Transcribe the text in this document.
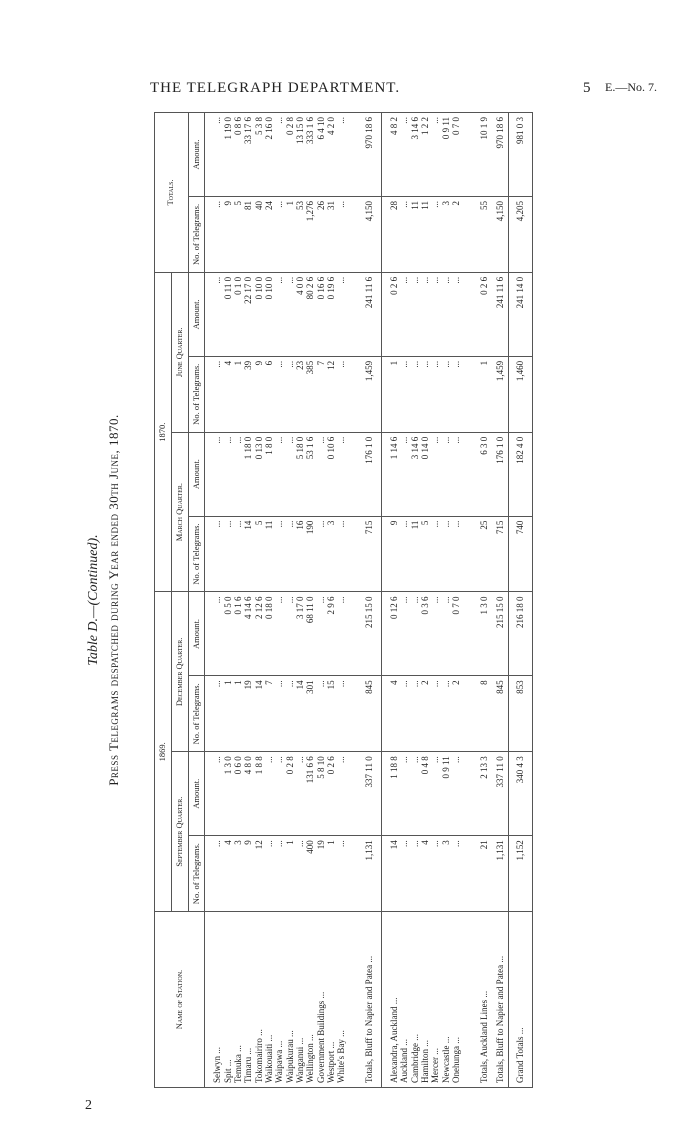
THE TELEGRAPH DEPARTMENT.	5 E.—No. 7.
Table D.—(Continued). Press Telegrams despatched during Year ended 30th June, 1870.
Name of Station.	1869.				1870.				Totals.	
	September Quarter.		December Quarter.		March Quarter.		June Quarter.			
	No. of Telegrams.	Amount.	No. of Telegrams.	Amount.	No. of Telegrams.	Amount.	No. of Telegrams.	Amount.	No. of Telegrams.	Amount.

Selwyn ...	...	...	...	...	...	...	...	...	...	...
Spit ...	4	1 3 0	1	0 5 0	...	...	4	0 11 0	9	1 19 0
Temuka ...	3	0 6 0	1	0 1 6	...	...	1	0 1 0	5	0 8 6
Timaru ...	9	4 8 0	19	4 14 6	14	1 18 0	39	22 17 0	81	33 17 6
Tokomairiro ...	12	1 8 8	14	2 12 6	5	0 13 0	9	0 10 0	40	5 3 8
Waikouaiti ...	...	...	7	0 18 0	11	1 8 0	6	0 10 0	24	2 16 0
Waipawa ...	...	...	...	...	...	...	...	...	...	...
Waipukurau ...	1	0 2 8	...	...	...	...	...	...	1	0 2 8
Wanganui ...	...	...	14	3 17 0	16	5 18 0	23	4 0 0	53	13 15 0
Wellington ...	400	131 6 6	301	68 11 0	190	53 1 6	385	80 2 6	1,276	333 1 6
Government Buildings ...	19	5 8 10	...	...	...	...	7	0 16 6	26	6 4 10
Westport ...	1	0 2 6	15	2 9 6	3	0 10 6	12	0 19 6	31	4 2 0
White's Bay ...	...	...	...	...	...	...	...	...	...	...

Totals, Bluff to Napier and Patea ...	1,131	337 11 0	845	215 15 0	715	176 1 0	1,459	241 11 6	4,150	970 18 6

Alexandra, Auckland ...	14	1 18 8	4	0 12 6	9	1 14 6	1	0 2 6	28	4 8 2
Auckland ...	...	...	...	...	...	...	...	...	...	...
Cambridge ...	...	...	...	...	11	3 14 6	...	...	11	3 14 6
Hamilton ...	4	0 4 8	2	0 3 6	5	0 14 0	...	...	11	1 2 2
Mercer ...	...	...	...	...	...	...	...	...	...	...
Newcastle ...	3	0 9 11	...	...	...	...	...	...	3	0 9 11
Onehunga ...	...	...	2	0 7 0	...	...	...	...	2	0 7 0

Totals, Auckland Lines ...	21	2 13 3	8	1 3 0	25	6 3 0	1	0 2 6	55	10 1 9
Totals, Bluff to Napier and Patea ...	1,131	337 11 0	845	215 15 0	715	176 1 0	1,459	241 11 6	4,150	970 18 6
Grand Totals ...	1,152	340 4 3	853	216 18 0	740	182 4 0	1,460	241 14 0	4,205	981 0 3
2
